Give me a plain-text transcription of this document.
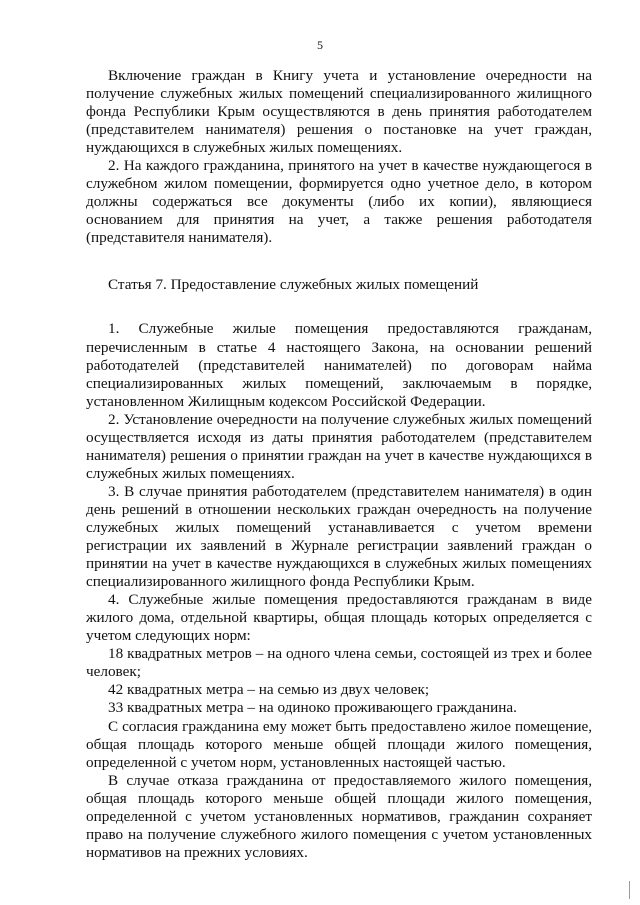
5

Включение граждан в Книгу учета и установление очередности на получение служебных жилых помещений специализированного жилищного фонда Республики Крым осуществляются в день принятия работодателем (представителем нанимателя) решения о постановке на учет граждан, нуждающихся в служебных жилых помещениях.

2. На каждого гражданина, принятого на учет в качестве нуждающегося в служебном жилом помещении, формируется одно учетное дело, в котором должны содержаться все документы (либо их копии), являющиеся основанием для принятия на учет, а также решения работодателя (представителя нанимателя).

Статья 7. Предоставление служебных жилых помещений

1. Служебные жилые помещения предоставляются гражданам, перечисленным в статье 4 настоящего Закона, на основании решений работодателей (представителей нанимателей) по договорам найма специализированных жилых помещений, заключаемым в порядке, установленном Жилищным кодексом Российской Федерации.

2. Установление очередности на получение служебных жилых помещений осуществляется исходя из даты принятия работодателем (представителем нанимателя) решения о принятии граждан на учет в качестве нуждающихся в служебных жилых помещениях.

3. В случае принятия работодателем (представителем нанимателя) в один день решений в отношении нескольких граждан очередность на получение служебных жилых помещений устанавливается с учетом времени регистрации их заявлений в Журнале регистрации заявлений граждан о принятии на учет в качестве нуждающихся в служебных жилых помещениях специализированного жилищного фонда Республики Крым.

4. Служебные жилые помещения предоставляются гражданам в виде жилого дома, отдельной квартиры, общая площадь которых определяется с учетом следующих норм:

18 квадратных метров – на одного члена семьи, состоящей из трех и более человек;

42 квадратных метра – на семью из двух человек;

33 квадратных метра – на одиноко проживающего гражданина.

С согласия гражданина ему может быть предоставлено жилое помещение, общая площадь которого меньше общей площади жилого помещения, определенной с учетом норм, установленных настоящей частью.

В случае отказа гражданина от предоставляемого жилого помещения, общая площадь которого меньше общей площади жилого помещения, определенной с учетом установленных нормативов, гражданин сохраняет право на получение служебного жилого помещения с учетом установленных нормативов на прежних условиях.
